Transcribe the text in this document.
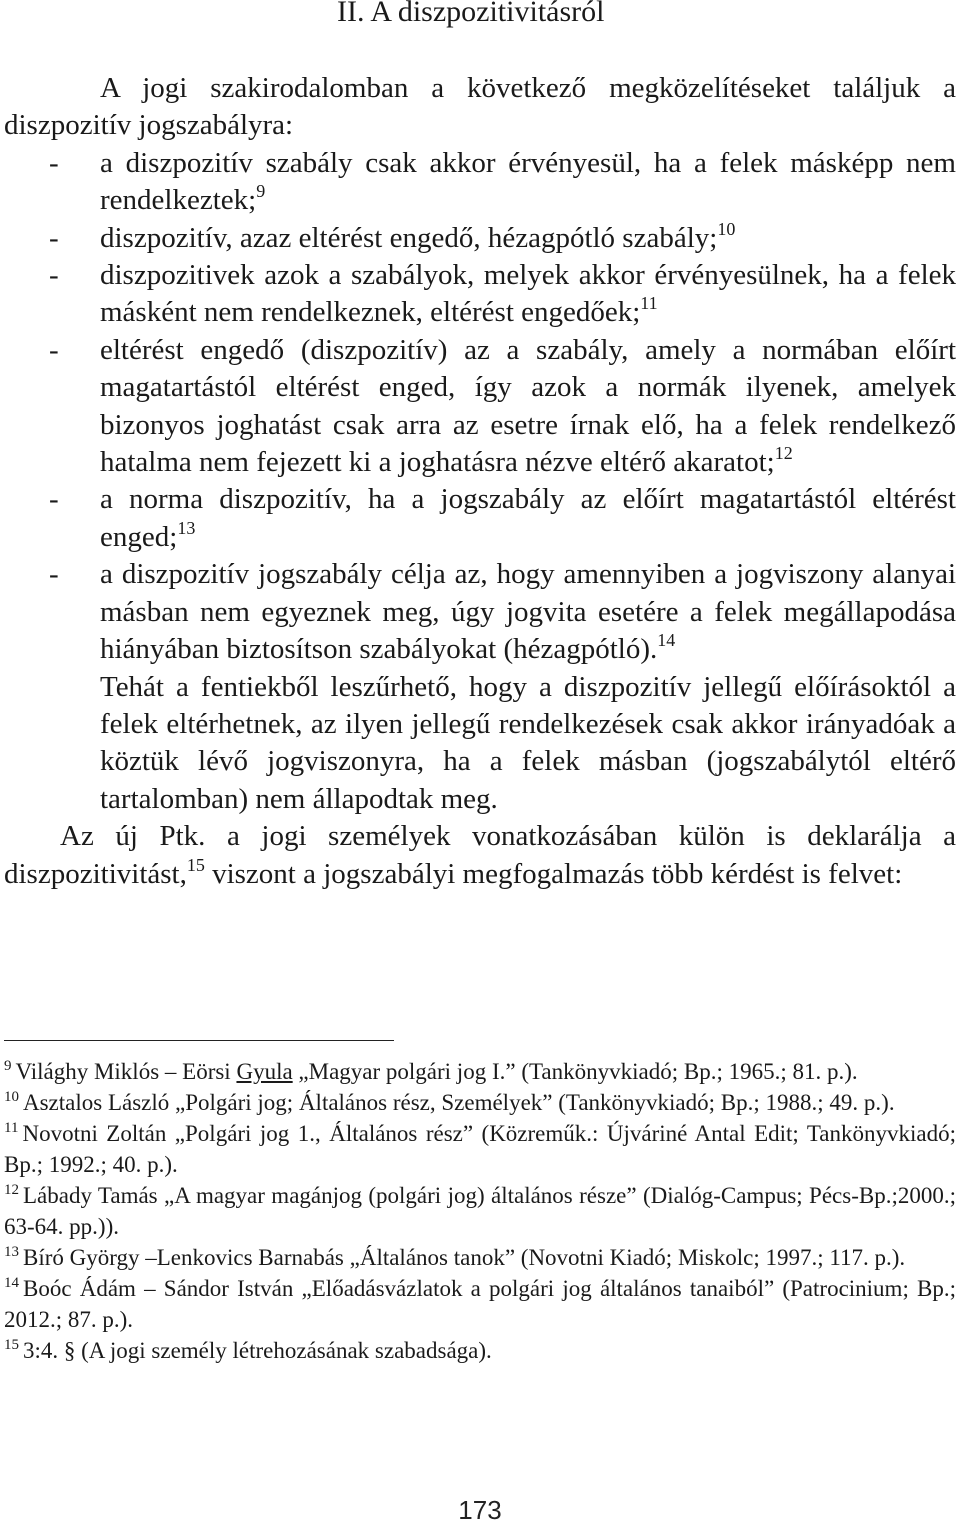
II. A diszpozitivitásról

A jogi szakirodalomban a következő megközelítéseket találjuk a diszpozitív jogszabályra:

- a diszpozitív szabály csak akkor érvényesül, ha a felek másképp nem rendelkeztek;$^9$
- diszpozitív, azaz eltérést engedő, hézagpótló szabály;$^{10}$
- diszpozitivek azok a szabályok, melyek akkor érvényesülnek, ha a felek másként nem rendelkeznek, eltérést engedőek;$^{11}$
- eltérést engedő (diszpozitív) az a szabály, amely a normában előírt magatartástól eltérést enged, így azok a normák ilyenek, amelyek bizonyos joghatást csak arra az esetre írnak elő, ha a felek rendelkező hatalma nem fejezett ki a joghatásra nézve eltérő akaratot;$^{12}$
- a norma diszpozitív, ha a jogszabály az előírt magatartástól eltérést enged;$^{13}$
- a diszpozitív jogszabály célja az, hogy amennyiben a jogviszony alanyai másban nem egyeznek meg, úgy jogvita esetére a felek megállapodása hiányában biztosítson szabályokat (hézagpótló).$^{14}$

Tehát a fentiekből leszűrhető, hogy a diszpozitív jellegű előírásoktól a felek eltérhetnek, az ilyen jellegű rendelkezések csak akkor irányadóak a köztük lévő jogviszonyra, ha a felek másban (jogszabálytól eltérő tartalomban) nem állapodtak meg.

Az új Ptk. a jogi személyek vonatkozásában külön is deklarálja a diszpozitivitást,$^{15}$ viszont a jogszabályi megfogalmazás több kérdést is felvet:

$^9$ Világhy Miklós – Eörsi Gyula „Magyar polgári jog I.” (Tankönyvkiadó; Bp.; 1965.; 81. p.).

$^{10}$ Asztalos László „Polgári jog; Általános rész, Személyek” (Tankönyvkiadó; Bp.; 1988.; 49. p.).

$^{11}$ Novotni Zoltán „Polgári jog 1., Általános rész” (Közreműk.: Újváriné Antal Edit; Tankönyvkiadó; Bp.; 1992.; 40. p.).

$^{12}$ Lábady Tamás „A magyar magánjog (polgári jog) általános része” (Dialóg-Campus; Pécs-Bp.;2000.; 63-64. pp.)).

$^{13}$ Bíró György –Lenkovics Barnabás „Általános tanok” (Novotni Kiadó; Miskolc; 1997.; 117. p.).

$^{14}$ Boóc Ádám – Sándor István „Előadásvázlatok a polgári jog általános tanaiból” (Patrocinium; Bp.; 2012.; 87. p.).

$^{15}$ 3:4. § (A jogi személy létrehozásának szabadsága).

173
